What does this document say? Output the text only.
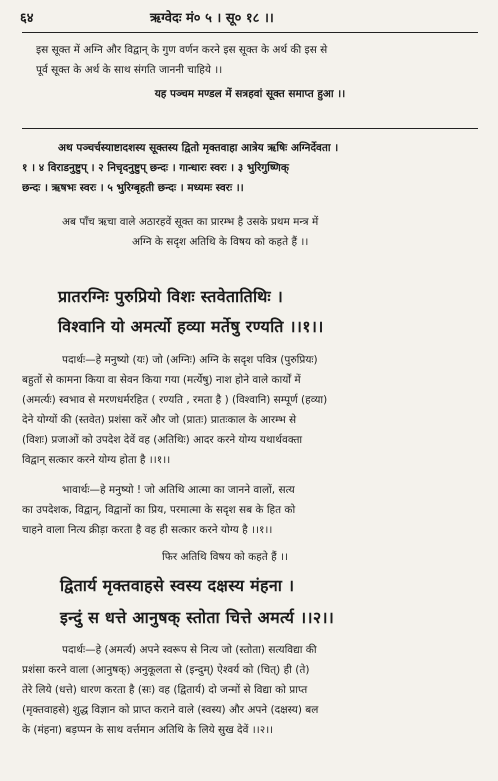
६४	ऋग्वेदः मं० ५ । सू० १८ ।।
इस सूक्त में अग्नि और विद्वान् के गुण वर्णन करने इस सूक्त के अर्थ की इस से
पूर्व सूक्त के अर्थ के साथ संगति जाननी चाहिये ।।
यह पञ्चम मण्डल में सत्रहवां सूक्त समाप्त हुआ ।।
अथ पञ्चर्चस्याष्टादशस्य सूक्तस्य द्वितो मृक्तवाहा आत्रेय ऋषिः अग्निर्देवता ।
१ । ४ विराडनुष्टुप् । २ निचृदनुष्टुप् छन्दः । गान्धारः स्वरः । ३ भुरिगुष्णिक्
छन्दः । ऋषभः स्वरः । ५ भुरिग्बृहती छन्दः । मध्यमः स्वरः ।।
अब पाँच ऋचा वाले अठारहवें सूक्त का प्रारम्भ है उसके प्रथम मन्त्र में
अग्नि के सदृश अतिथि के विषय को कहते हैं ।।
प्रातरग्निः पुरुप्रियो विशः स्तवेतातिथिः ।
विश्वानि यो अमर्त्यो हव्या मर्तेषु रण्यति ।।१।।
पदार्थः—हे मनुष्यो (यः) जो (अग्निः) अग्नि के सदृश पवित्र (पुरुप्रियः)
बहुतों से कामना किया वा सेवन किया गया (मर्त्येषु) नाश होने वाले कार्यों में
(अमर्त्यः) स्वभाव से मरणधर्मरहित ( रण्यति , रमता है ) (विश्वानि) सम्पूर्ण (हव्या)
देने योग्यों की (स्तवेत) प्रशंसा करें और जो (प्रातः) प्रातःकाल के आरम्भ से
(विशः) प्रजाओं को उपदेश देवें वह (अतिथिः) आदर करने योग्य यथार्थवक्ता
विद्वान् सत्कार करने योग्य होता है ।।१।।
भावार्थः—हे मनुष्यो ! जो अतिथि आत्मा का जानने वालों, सत्य
का उपदेशक, विद्वान्, विद्वानों का प्रिय, परमात्मा के सदृश सब के हित को
चाहने वाला नित्य क्रीड़ा करता है वह ही सत्कार करने योग्य है ।।१।।
फिर अतिथि विषय को कहते हैं ।।
द्वितार्य मृक्तवाहसे स्वस्य दक्षस्य मंहना ।
इन्दुं स धत्ते आनुषक् स्तोता चित्ते अमर्त्य ।।२।।
पदार्थः—हे (अमर्त्य) अपने स्वरूप से नित्य जो (स्तोता) सत्यविद्या की
प्रशंसा करने वाला (आनुषक्) अनुकूलता से (इन्दुम्) ऐश्वर्य को (चित्) ही (ते)
तेरे लिये (धत्ते) धारण करता है (सः) वह (द्वितार्य) दो जन्मों से विद्या को प्राप्त
(मृक्तवाहसे) शुद्ध विज्ञान को प्राप्त कराने वाले (स्वस्य) और अपने (दक्षस्य) बल
के (मंहना) बड़प्पन के साथ वर्त्तमान अतिथि के लिये सुख देवें ।।२।।
